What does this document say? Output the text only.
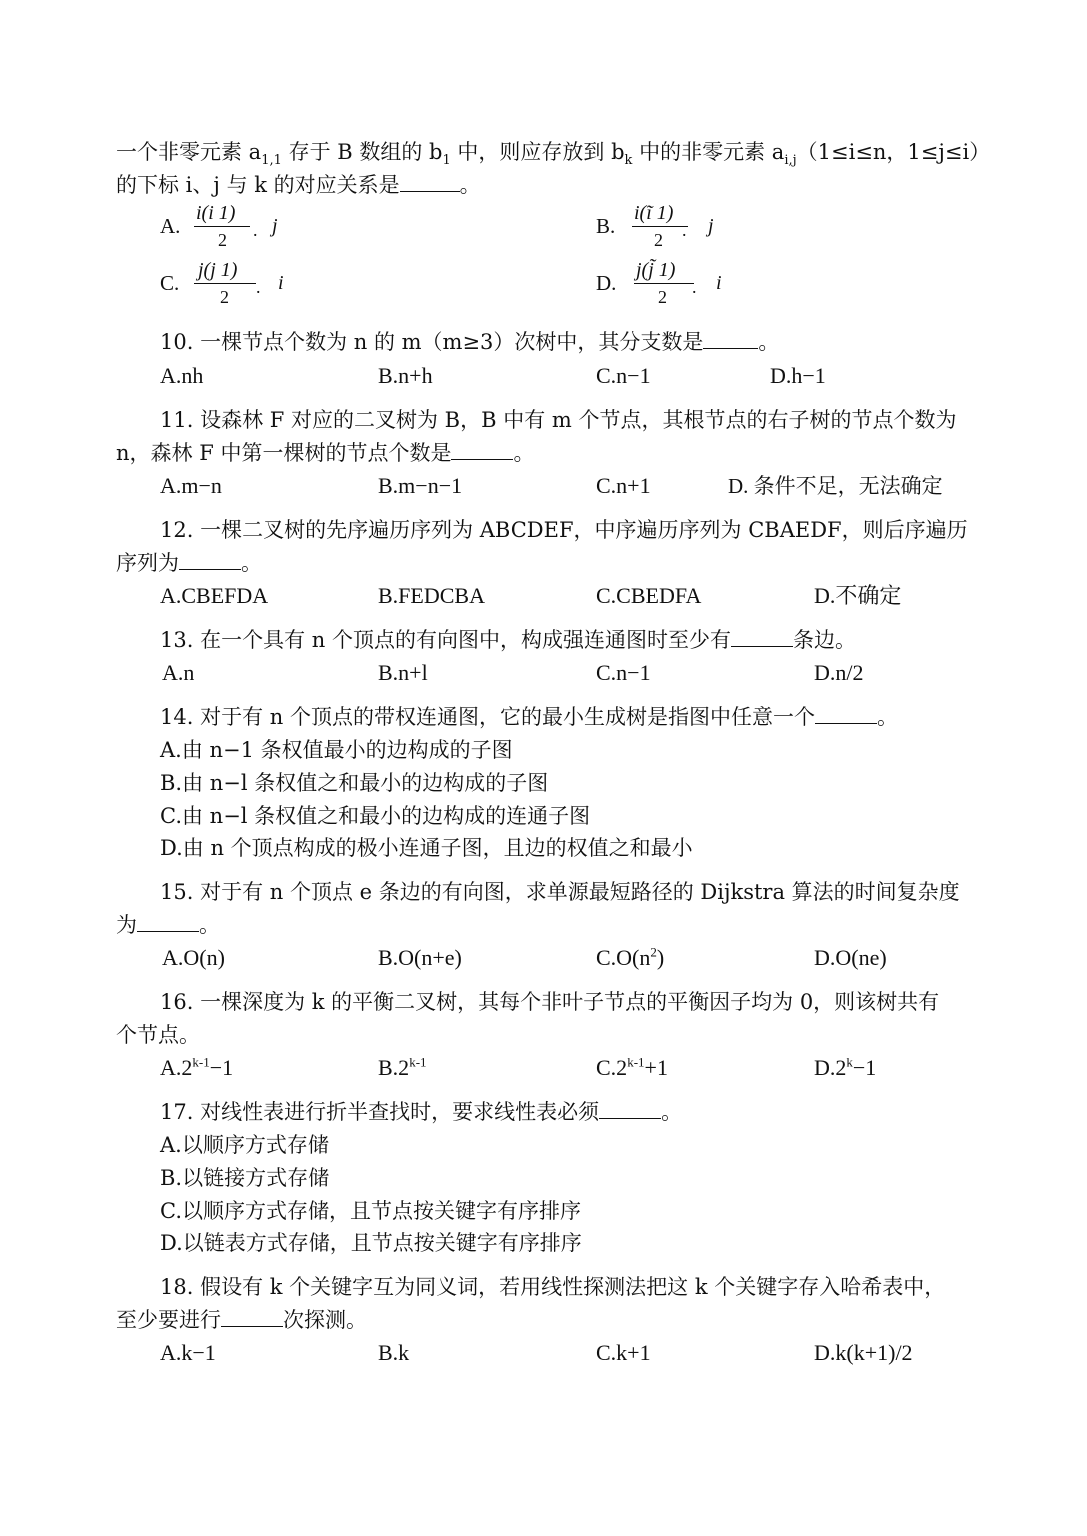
一个非零元素 $a_{1,1}$ 存于 B 数组的 $b_1$ 中，则应存放到 $b_k$ 中的非零元素 $a_{i,j}(1\le i\le n$，1≤j≤i）
的下标 i、j 与 k 的对应关系是	。
A.
i(i 1)
2 . j	B.
i(ĩ 1)
2 . j
C.
j(j 1)
2 . i	D.
j(j̃ 1)
2 . i
10. 一棵节点个数为 n 的 m（m≥3）次树中，其分支数是	。
A.nh	B.n+h	C.n−1	D.h−1
11. 设森林 F 对应的二叉树为 B，B 中有 m 个节点，其根节点的右子树的节点个数为
n，森林 F 中第一棵树的节点个数是	。
A.m−n	B.m−n−1	C.n+1	D. 条件不足，无法确定
12. 一棵二叉树的先序遍历序列为 ABCDEF，中序遍历序列为 CBAEDF，则后序遍历
序列为	。
A.CBEFDA	B.FEDCBA	C.CBEDFA	D.不确定
13. 在一个具有 n 个顶点的有向图中，构成强连通图时至少有	条边。
A.n	B.n+l	C.n−1	D.n/2
14. 对于有 n 个顶点的带权连通图，它的最小生成树是指图中任意一个	。
A.由 n−1 条权值最小的边构成的子图
B.由 n−l 条权值之和最小的边构成的子图
C.由 n−l 条权值之和最小的边构成的连通子图
D.由 n 个顶点构成的极小连通子图，且边的权值之和最小
15. 对于有 n 个顶点 e 条边的有向图，求单源最短路径的 Dijkstra 算法的时间复杂度
为	。
A.O(n)	B.O(n+e)	$C.O(n^2)$	D.O(ne)
16. 一棵深度为 k 的平衡二叉树，其每个非叶子节点的平衡因子均为 0，则该树共有
个节点。
$A.2^{k-1}-1$	B.2$^{k-1}$	$C.2^{k-1}+1$	$D.2^k-1$
17. 对线性表进行折半查找时，要求线性表必须	。
A.以顺序方式存储
B.以链接方式存储
C.以顺序方式存储，且节点按关键字有序排序
D.以链表方式存储，且节点按关键字有序排序
18. 假设有 k 个关键字互为同义词，若用线性探测法把这 k 个关键字存入哈希表中，
至少要进行	次探测。
A.k−1	B.k	C.k+1	D.k(k+1)/2
